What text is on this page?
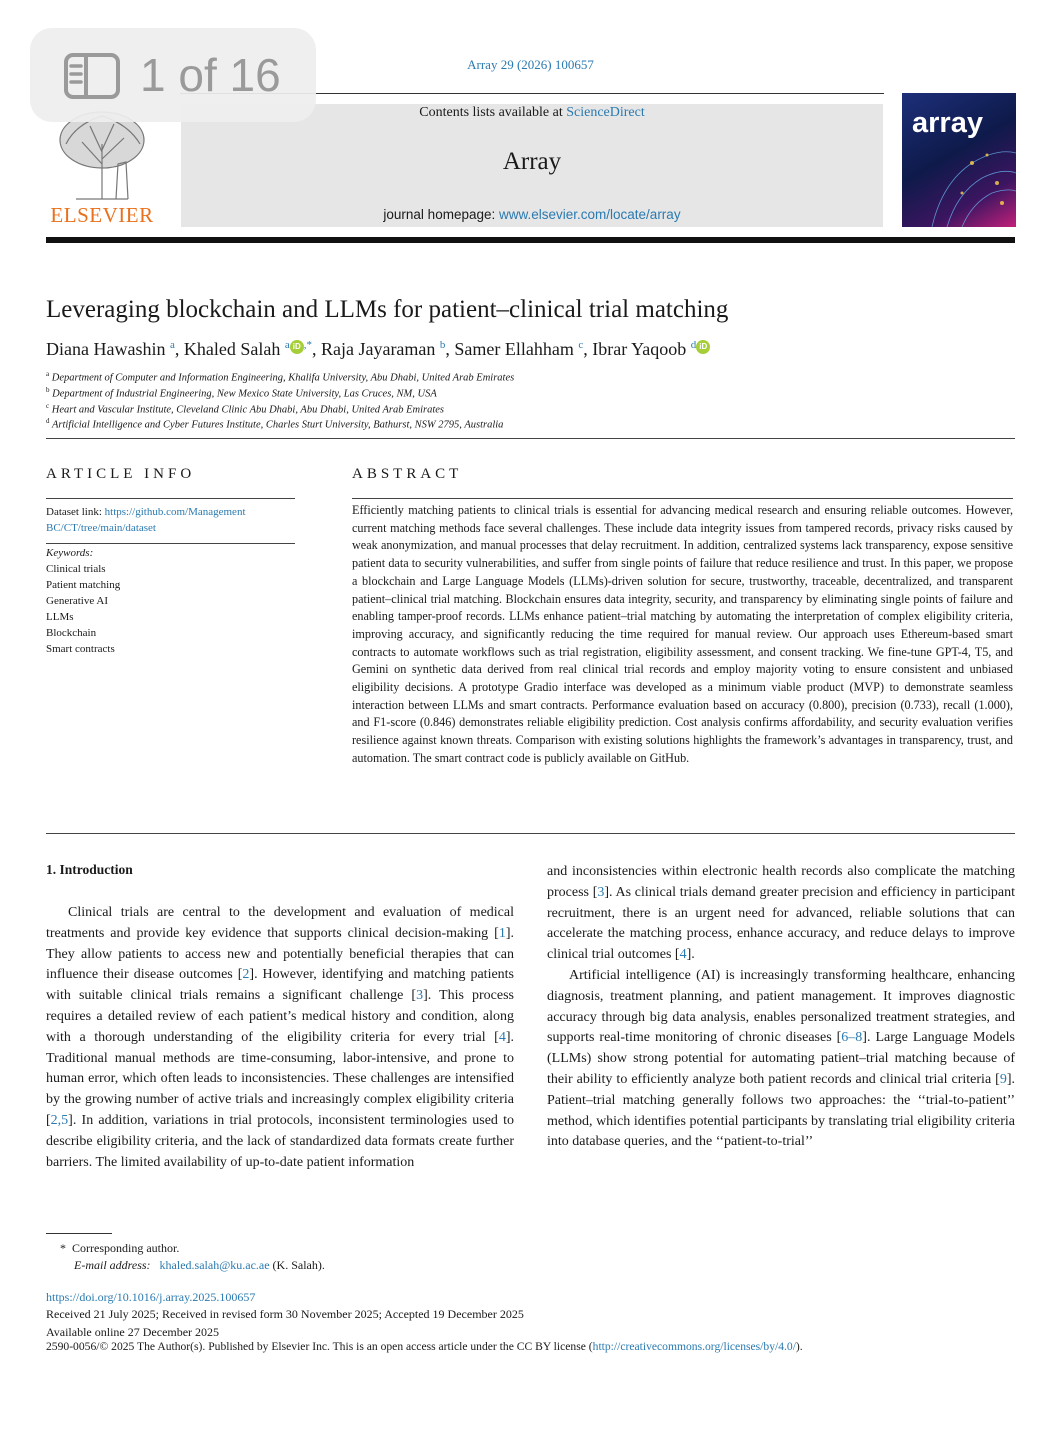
1 of 16	Array 29 (2026) 100657
ELSEVIER
Contents lists available at ScienceDirect
Array
journal homepage: www.elsevier.com/locate/array
array
Leveraging blockchain and LLMs for patient–clinical trial matching
Diana Hawashin $^a$, Khaled Salah $^a$ iD ,*, Raja Jayaraman $^b$, Samer Ellahham $^c$, Ibrar Yaqoob $^d$ iD
$^a$ Department of Computer and Information Engineering, Khalifa University, Abu Dhabi, United Arab Emirates
$^b$ Department of Industrial Engineering, New Mexico State University, Las Cruces, NM, USA
$^c$ Heart and Vascular Institute, Cleveland Clinic Abu Dhabi, Abu Dhabi, United Arab Emirates
$^d$ Artificial Intelligence and Cyber Futures Institute, Charles Sturt University, Bathurst, NSW 2795, Australia
ARTICLE INFO
Dataset link: https://github.com/Management
BC/CT/tree/main/dataset
Keywords:
Clinical trials
Patient matching
Generative AI
LLMs
Blockchain
Smart contracts
ABSTRACT
Efficiently matching patients to clinical trials is essential for advancing medical research and ensuring reliable outcomes. However, current matching methods face several challenges. These include data integrity issues from tampered records, privacy risks caused by weak anonymization, and manual processes that delay recruitment. In addition, centralized systems lack transparency, expose sensitive patient data to security vulnerabilities, and suffer from single points of failure that reduce resilience and trust. In this paper, we propose a blockchain and Large Language Models (LLMs)-driven solution for secure, trustworthy, traceable, decentralized, and transparent patient–clinical trial matching. Blockchain ensures data integrity, security, and transparency by eliminating single points of failure and enabling tamper-proof records. LLMs enhance patient–trial matching by automating the interpretation of complex eligibility criteria, improving accuracy, and significantly reducing the time required for manual review. Our approach uses Ethereum-based smart contracts to automate workflows such as trial registration, eligibility assessment, and consent tracking. We fine-tune GPT-4, T5, and Gemini on synthetic data derived from real clinical trial records and employ majority voting to ensure consistent and unbiased eligibility decisions. A prototype Gradio interface was developed as a minimum viable product (MVP) to demonstrate seamless interaction between LLMs and smart contracts. Performance evaluation based on accuracy (0.800), precision (0.733), recall (1.000), and F1-score (0.846) demonstrates reliable eligibility prediction. Cost analysis confirms affordability, and security evaluation verifies resilience against known threats. Comparison with existing solutions highlights the framework’s advantages in transparency, trust, and automation. The smart contract code is publicly available on GitHub.
1. Introduction

Clinical trials are central to the development and evaluation of medical treatments and provide key evidence that supports clinical decision-making [1]. They allow patients to access new and potentially beneficial therapies that can influence their disease outcomes [2]. However, identifying and matching patients with suitable clinical trials remains a significant challenge [3]. This process requires a detailed review of each patient’s medical history and condition, along with a thorough understanding of the eligibility criteria for every trial [4]. Traditional manual methods are time-consuming, labor-intensive, and prone to human error, which often leads to inconsistencies. These challenges are intensified by the growing number of active trials and increasingly complex eligibility criteria [2,5]. In addition, variations in trial protocols, inconsistent terminologies used to describe eligibility criteria, and the lack of standardized data formats create further barriers. The limited availability of up-to-date patient information

and inconsistencies within electronic health records also complicate the matching process [3]. As clinical trials demand greater precision and efficiency in participant recruitment, there is an urgent need for advanced, reliable solutions that can accelerate the matching process, enhance accuracy, and reduce delays to improve clinical trial outcomes [4].

Artificial intelligence (AI) is increasingly transforming healthcare, enhancing diagnosis, treatment planning, and patient management. It improves diagnostic accuracy through big data analysis, enables personalized treatment strategies, and supports real-time monitoring of chronic diseases [6–8]. Large Language Models (LLMs) show strong potential for automating patient–trial matching because of their ability to efficiently analyze both patient records and clinical trial criteria [9]. Patient–trial matching generally follows two approaches: the ‘‘trial-to-patient’’ method, which identifies potential participants by translating trial eligibility criteria into database queries, and the ‘‘patient-to-trial’’

* Corresponding author.
E-mail address: khaled.salah@ku.ac.ae (K. Salah).
https://doi.org/10.1016/j.array.2025.100657
Received 21 July 2025; Received in revised form 30 November 2025; Accepted 19 December 2025
Available online 27 December 2025
2590-0056/© 2025 The Author(s). Published by Elsevier Inc. This is an open access article under the CC BY license (http://creativecommons.org/licenses/by/4.0/).
